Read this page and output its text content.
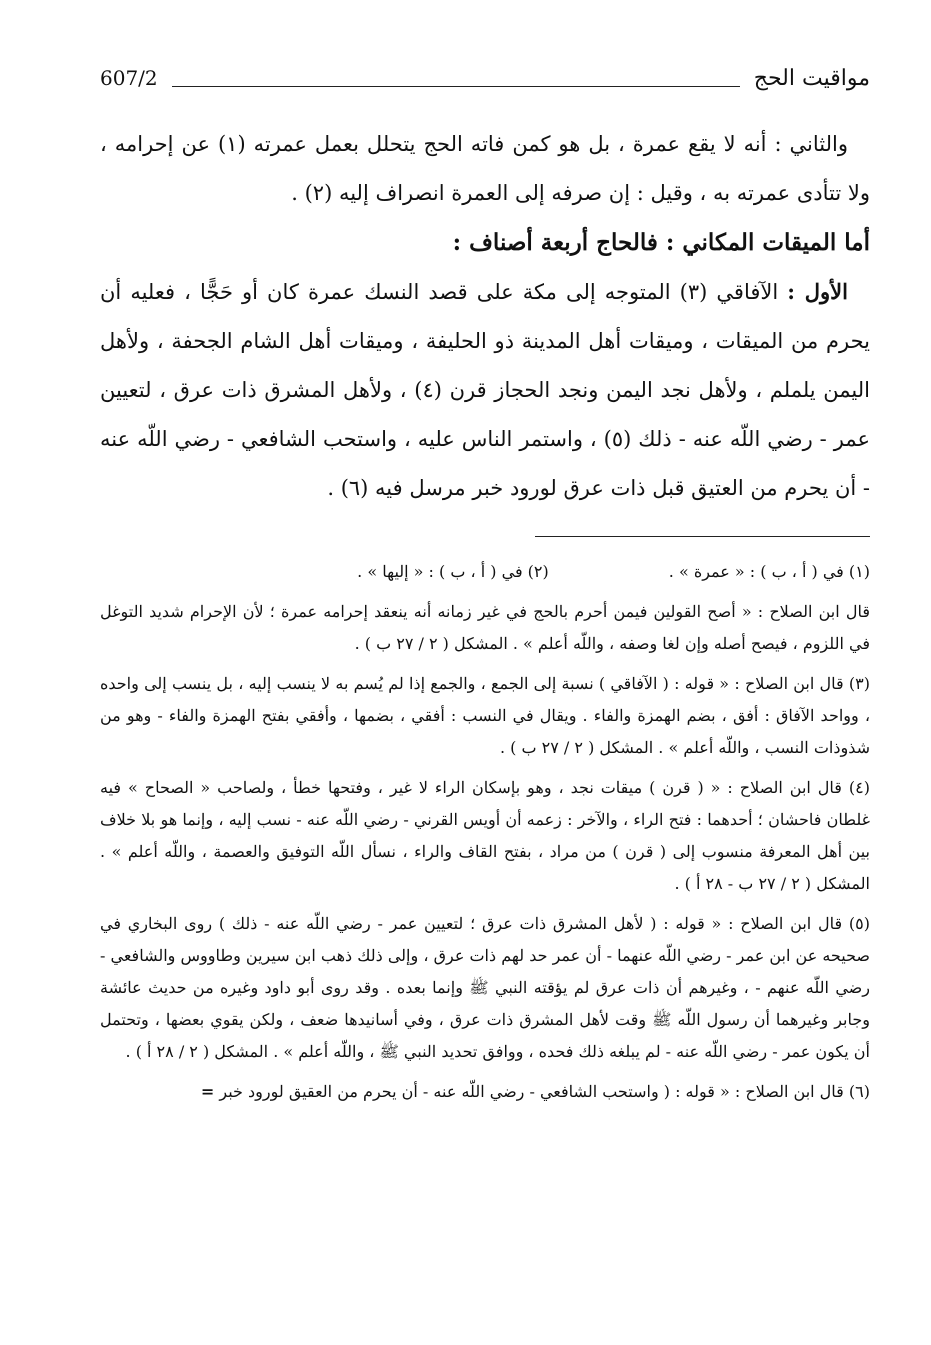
607/2	مواقيت الحج

والثاني : أنه لا يقع عمرة ، بل هو كمن فاته الحج يتحلل بعمل عمرته (١) عن إحرامه ، ولا تتأدى عمرته به ، وقيل : إن صرفه إلى العمرة انصراف إليه (٢) .

أما الميقات المكاني : فالحاج أربعة أصناف :

الأول : الآفاقي (٣) المتوجه إلى مكة على قصد النسك عمرة كان أو حَجًّا ، فعليه أن يحرم من الميقات ، وميقات أهل المدينة ذو الحليفة ، وميقات أهل الشام الجحفة ، ولأهل اليمن يلملم ، ولأهل نجد اليمن ونجد الحجاز قرن (٤) ، ولأهل المشرق ذات عرق ، لتعيين عمر - رضي اللّه عنه - ذلك (٥) ، واستمر الناس عليه ، واستحب الشافعي - رضي اللّه عنه - أن يحرم من العتيق قبل ذات عرق لورود خبر مرسل فيه (٦) .

(١) في ( أ ، ب ) : « عمرة » .
(٢) في ( أ ، ب ) : « إليها » .
قال ابن الصلاح : « أصح القولين فيمن أحرم بالحج في غير زمانه أنه ينعقد إحرامه عمرة ؛ لأن الإحرام شديد التوغل في اللزوم ، فيصح أصله وإن لغا وصفه ، واللّه أعلم » . المشكل ( ٢ / ٢٧ ب ) .
(٣) قال ابن الصلاح : « قوله : ( الآفاقي ) نسبة إلى الجمع ، والجمع إذا لم يُسم به لا ينسب إليه ، بل ينسب إلى واحده ، وواحد الآفاق : أفق ، بضم الهمزة والفاء . ويقال في النسب : أفقي ، بضمها ، وأفقي بفتح الهمزة والفاء - وهو من شذوذات النسب ، واللّه أعلم » . المشكل ( ٢ / ٢٧ ب ) .
(٤) قال ابن الصلاح : « ( قرن ) ميقات نجد ، وهو بإسكان الراء لا غير ، وفتحها خطأ ، ولصاحب « الصحاح » فيه غلطان فاحشان ؛ أحدهما : فتح الراء ، والآخر : زعمه أن أويس القرني - رضي اللّه عنه - نسب إليه ، وإنما هو بلا خلاف بين أهل المعرفة منسوب إلى ( قرن ) من مراد ، بفتح القاف والراء ، نسأل اللّه التوفيق والعصمة ، واللّه أعلم » . المشكل ( ٢ / ٢٧ ب - ٢٨ أ ) .
(٥) قال ابن الصلاح : « قوله : ( لأهل المشرق ذات عرق ؛ لتعيين عمر - رضي اللّه عنه - ذلك ) روى البخاري في صحيحه عن ابن عمر - رضي اللّه عنهما - أن عمر حد لهم ذات عرق ، وإلى ذلك ذهب ابن سيرين وطاووس والشافعي - رضي اللّه عنهم - ، وغيرهم أن ذات عرق لم يؤقته النبي ﷺ وإنما بعده . وقد روى أبو داود وغيره من حديث عائشة وجابر وغيرهما أن رسول اللّه ﷺ وقت لأهل المشرق ذات عرق ، وفي أسانيدها ضعف ، ولكن يقوي بعضها ، وتحتمل أن يكون عمر - رضي اللّه عنه - لم يبلغه ذلك فحده ، ووافق تحديد النبي ﷺ ، واللّه أعلم » . المشكل ( ٢ / ٢٨ أ ) .
(٦) قال ابن الصلاح : « قوله : ( واستحب الشافعي - رضي اللّه عنه - أن يحرم من العقيق لورود خبر =
